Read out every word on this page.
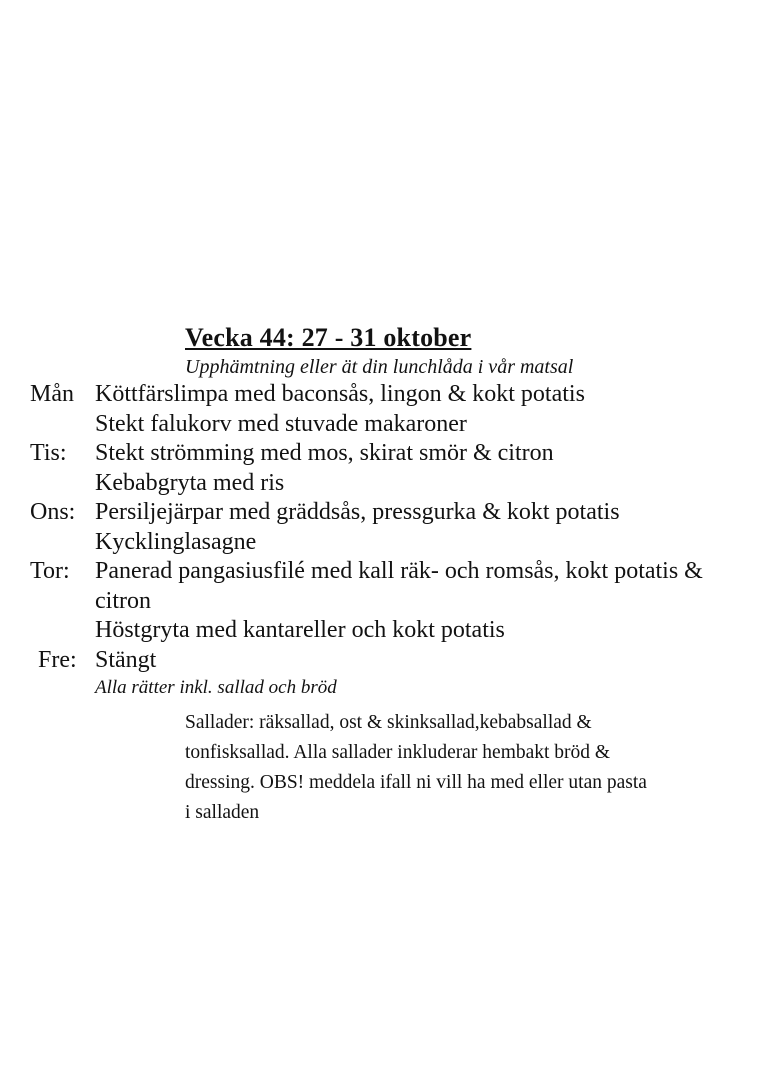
Vecka 44: 27 - 31 oktober
Upphämtning eller ät din lunchlåda i vår matsal
Mån Köttfärslimpa med baconsås, lingon & kokt potatis
Stekt falukorv med stuvade makaroner
Tis:	Stekt strömming med mos, skirat smör & citron
Kebabgryta med ris
Ons: Persiljejärpar med gräddsås, pressgurka & kokt potatis
Kycklinglasagne
Tor:	Panerad pangasiusfilé med kall räk- och romsås, kokt potatis & citron
Höstgryta med kantareller och kokt potatis
Fre: Stängt
Alla rätter inkl. sallad och bröd
Sallader: räksallad, ost & skinksallad,kebabsallad & tonfisksallad. Alla sallader inkluderar hembakt bröd & dressing. OBS! meddela ifall ni vill ha med eller utan pasta i salladen
